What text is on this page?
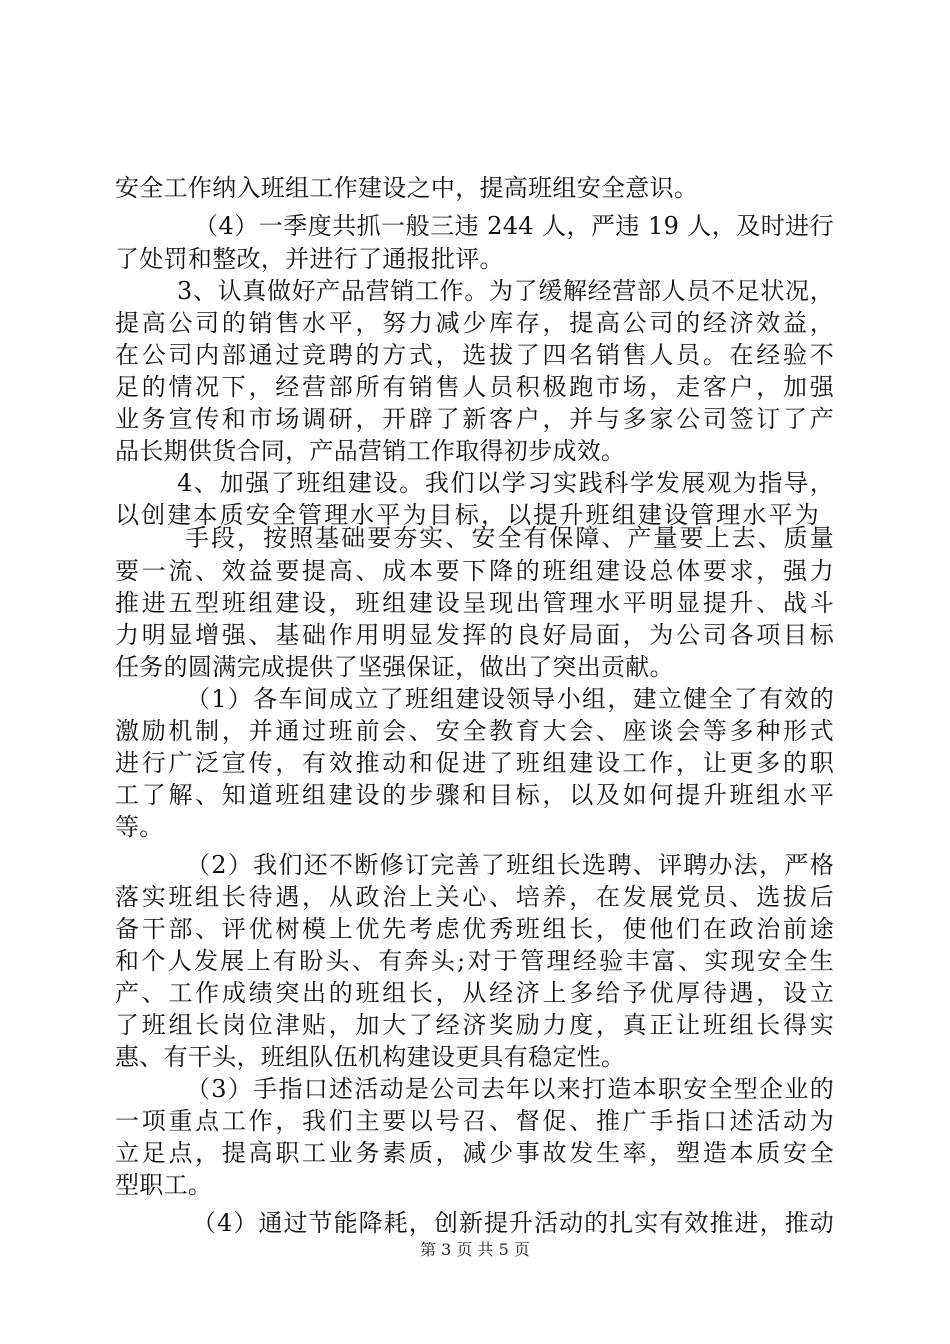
安全工作纳入班组工作建设之中，提高班组安全意识。
（4）一季度共抓一般三违 244 人，严违 19 人，及时进行
了处罚和整改，并进行了通报批评。
3、认真做好产品营销工作。为了缓解经营部人员不足状况，
提高公司的销售水平，努力减少库存，提高公司的经济效益，
在公司内部通过竞聘的方式，选拔了四名销售人员。在经验不
足的情况下，经营部所有销售人员积极跑市场，走客户，加强
业务宣传和市场调研，开辟了新客户，并与多家公司签订了产
品长期供货合同，产品营销工作取得初步成效。
4、加强了班组建设。我们以学习实践科学发展观为指导，
以创建本质安全管理水平为目标，以提升班组建设管理水平为
手段，按照基础要夯实、安全有保障、产量要上去、质量
要一流、效益要提高、成本要下降的班组建设总体要求，强力
推进五型班组建设，班组建设呈现出管理水平明显提升、战斗
力明显增强、基础作用明显发挥的良好局面，为公司各项目标
任务的圆满完成提供了坚强保证，做出了突出贡献。
（1）各车间成立了班组建设领导小组，建立健全了有效的
激励机制，并通过班前会、安全教育大会、座谈会等多种形式
进行广泛宣传，有效推动和促进了班组建设工作，让更多的职
工了解、知道班组建设的步骤和目标，以及如何提升班组水平
等。
（2）我们还不断修订完善了班组长选聘、评聘办法，严格
落实班组长待遇，从政治上关心、培养，在发展党员、选拔后
备干部、评优树模上优先考虑优秀班组长，使他们在政治前途
和个人发展上有盼头、有奔头;对于管理经验丰富、实现安全生
产、工作成绩突出的班组长，从经济上多给予优厚待遇，设立
了班组长岗位津贴，加大了经济奖励力度，真正让班组长得实
惠、有干头，班组队伍机构建设更具有稳定性。
（3）手指口述活动是公司去年以来打造本职安全型企业的
一项重点工作，我们主要以号召、督促、推广手指口述活动为
立足点，提高职工业务素质，减少事故发生率，塑造本质安全
型职工。
（4）通过节能降耗，创新提升活动的扎实有效推进，推动
第 3 页 共 5 页
